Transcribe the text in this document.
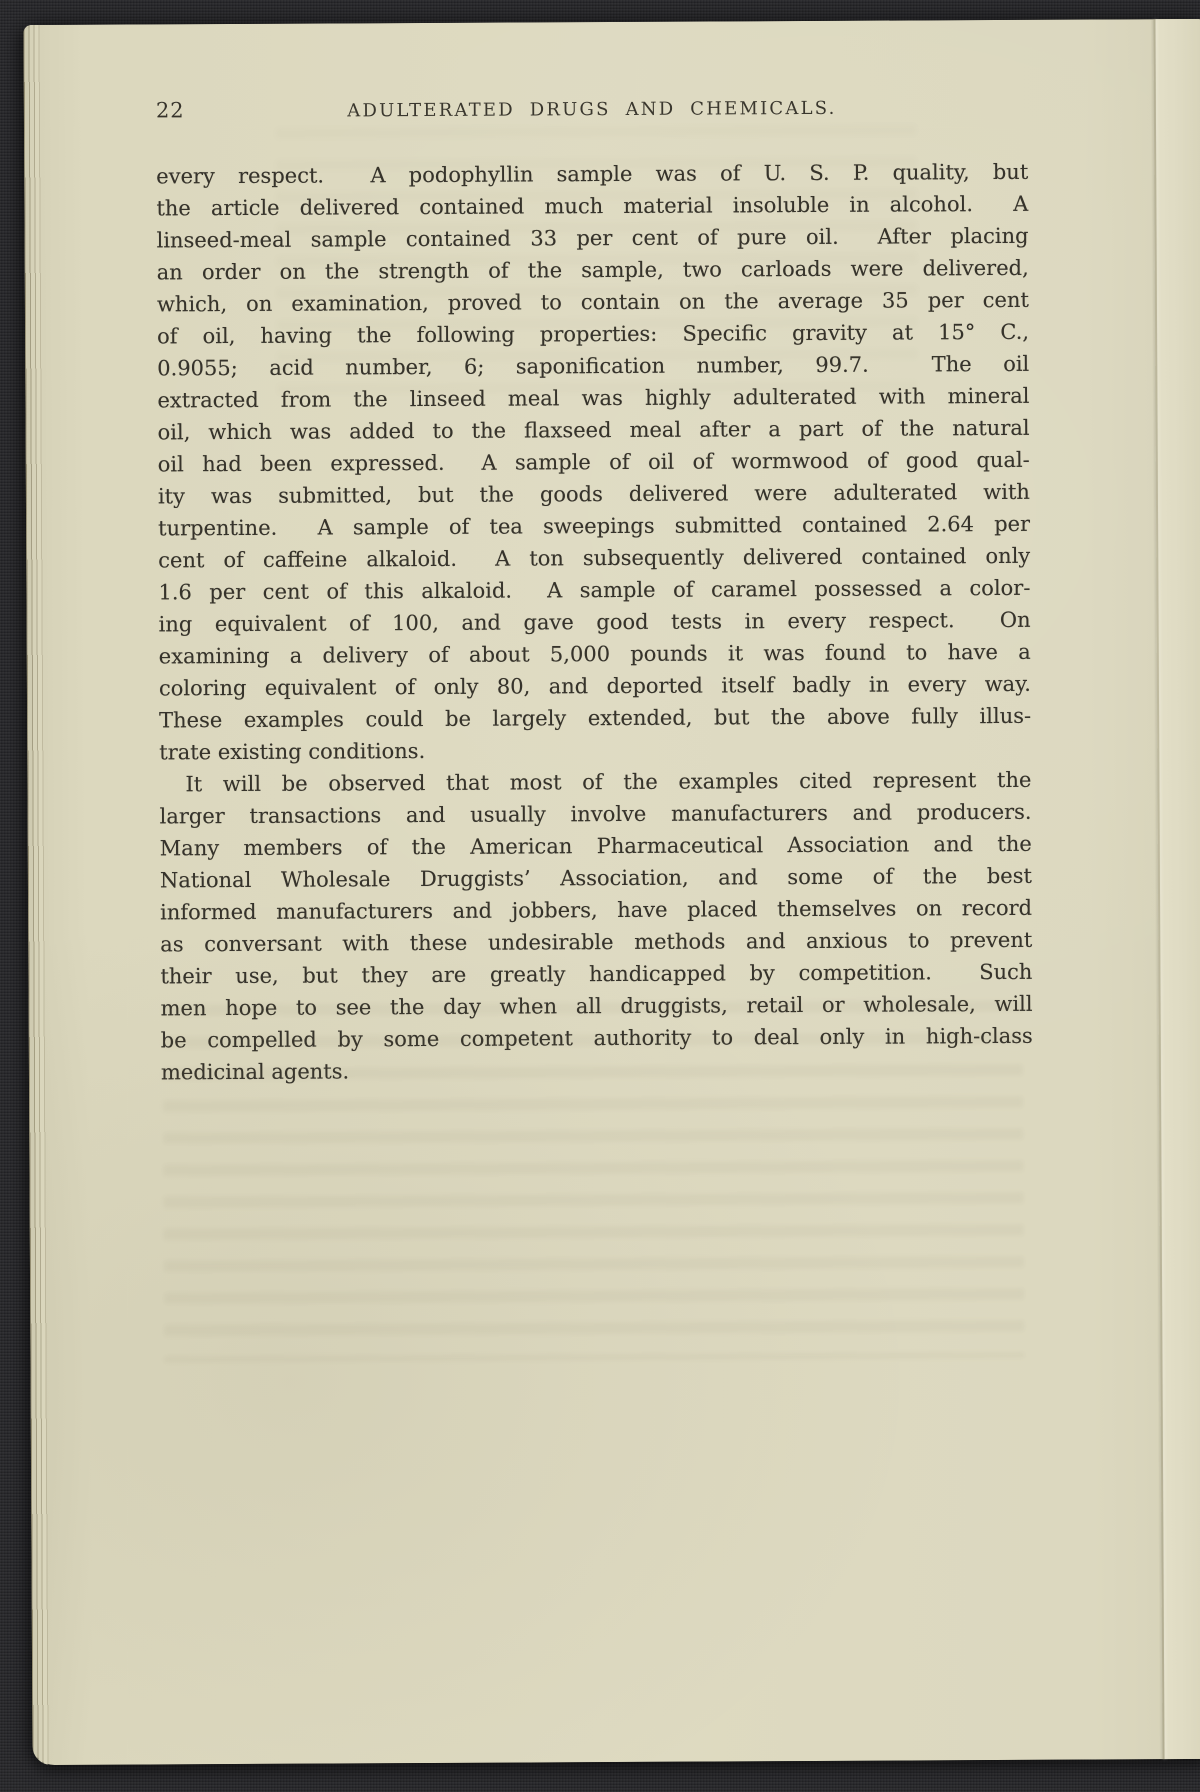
22	ADULTERATED DRUGS AND CHEMICALS.
every respect.  A podophyllin sample was of U. S. P. quality, but
the article delivered contained much material insoluble in alcohol.  A
linseed-meal sample contained 33 per cent of pure oil.  After placing
an order on the strength of the sample, two carloads were delivered,
which, on examination, proved to contain on the average 35 per cent
of oil, having the following properties: Specific gravity at 15° C.,
0.9055; acid number, 6; saponification number, 99.7.  The oil
extracted from the linseed meal was highly adulterated with mineral
oil, which was added to the flaxseed meal after a part of the natural
oil had been expressed.  A sample of oil of wormwood of good qual-
ity was submitted, but the goods delivered were adulterated with
turpentine.  A sample of tea sweepings submitted contained 2.64 per
cent of caffeine alkaloid.  A ton subsequently delivered contained only
1.6 per cent of this alkaloid.  A sample of caramel possessed a color-
ing equivalent of 100, and gave good tests in every respect.  On
examining a delivery of about 5,000 pounds it was found to have a
coloring equivalent of only 80, and deported itself badly in every way.
These examples could be largely extended, but the above fully illus-
trate existing conditions.
It will be observed that most of the examples cited represent the
larger transactions and usually involve manufacturers and producers.
Many members of the American Pharmaceutical Association and the
National Wholesale Druggists’ Association, and some of the best
informed manufacturers and jobbers, have placed themselves on record
as conversant with these undesirable methods and anxious to prevent
their use, but they are greatly handicapped by competition.  Such
men hope to see the day when all druggists, retail or wholesale, will
be compelled by some competent authority to deal only in high-class
medicinal agents.
